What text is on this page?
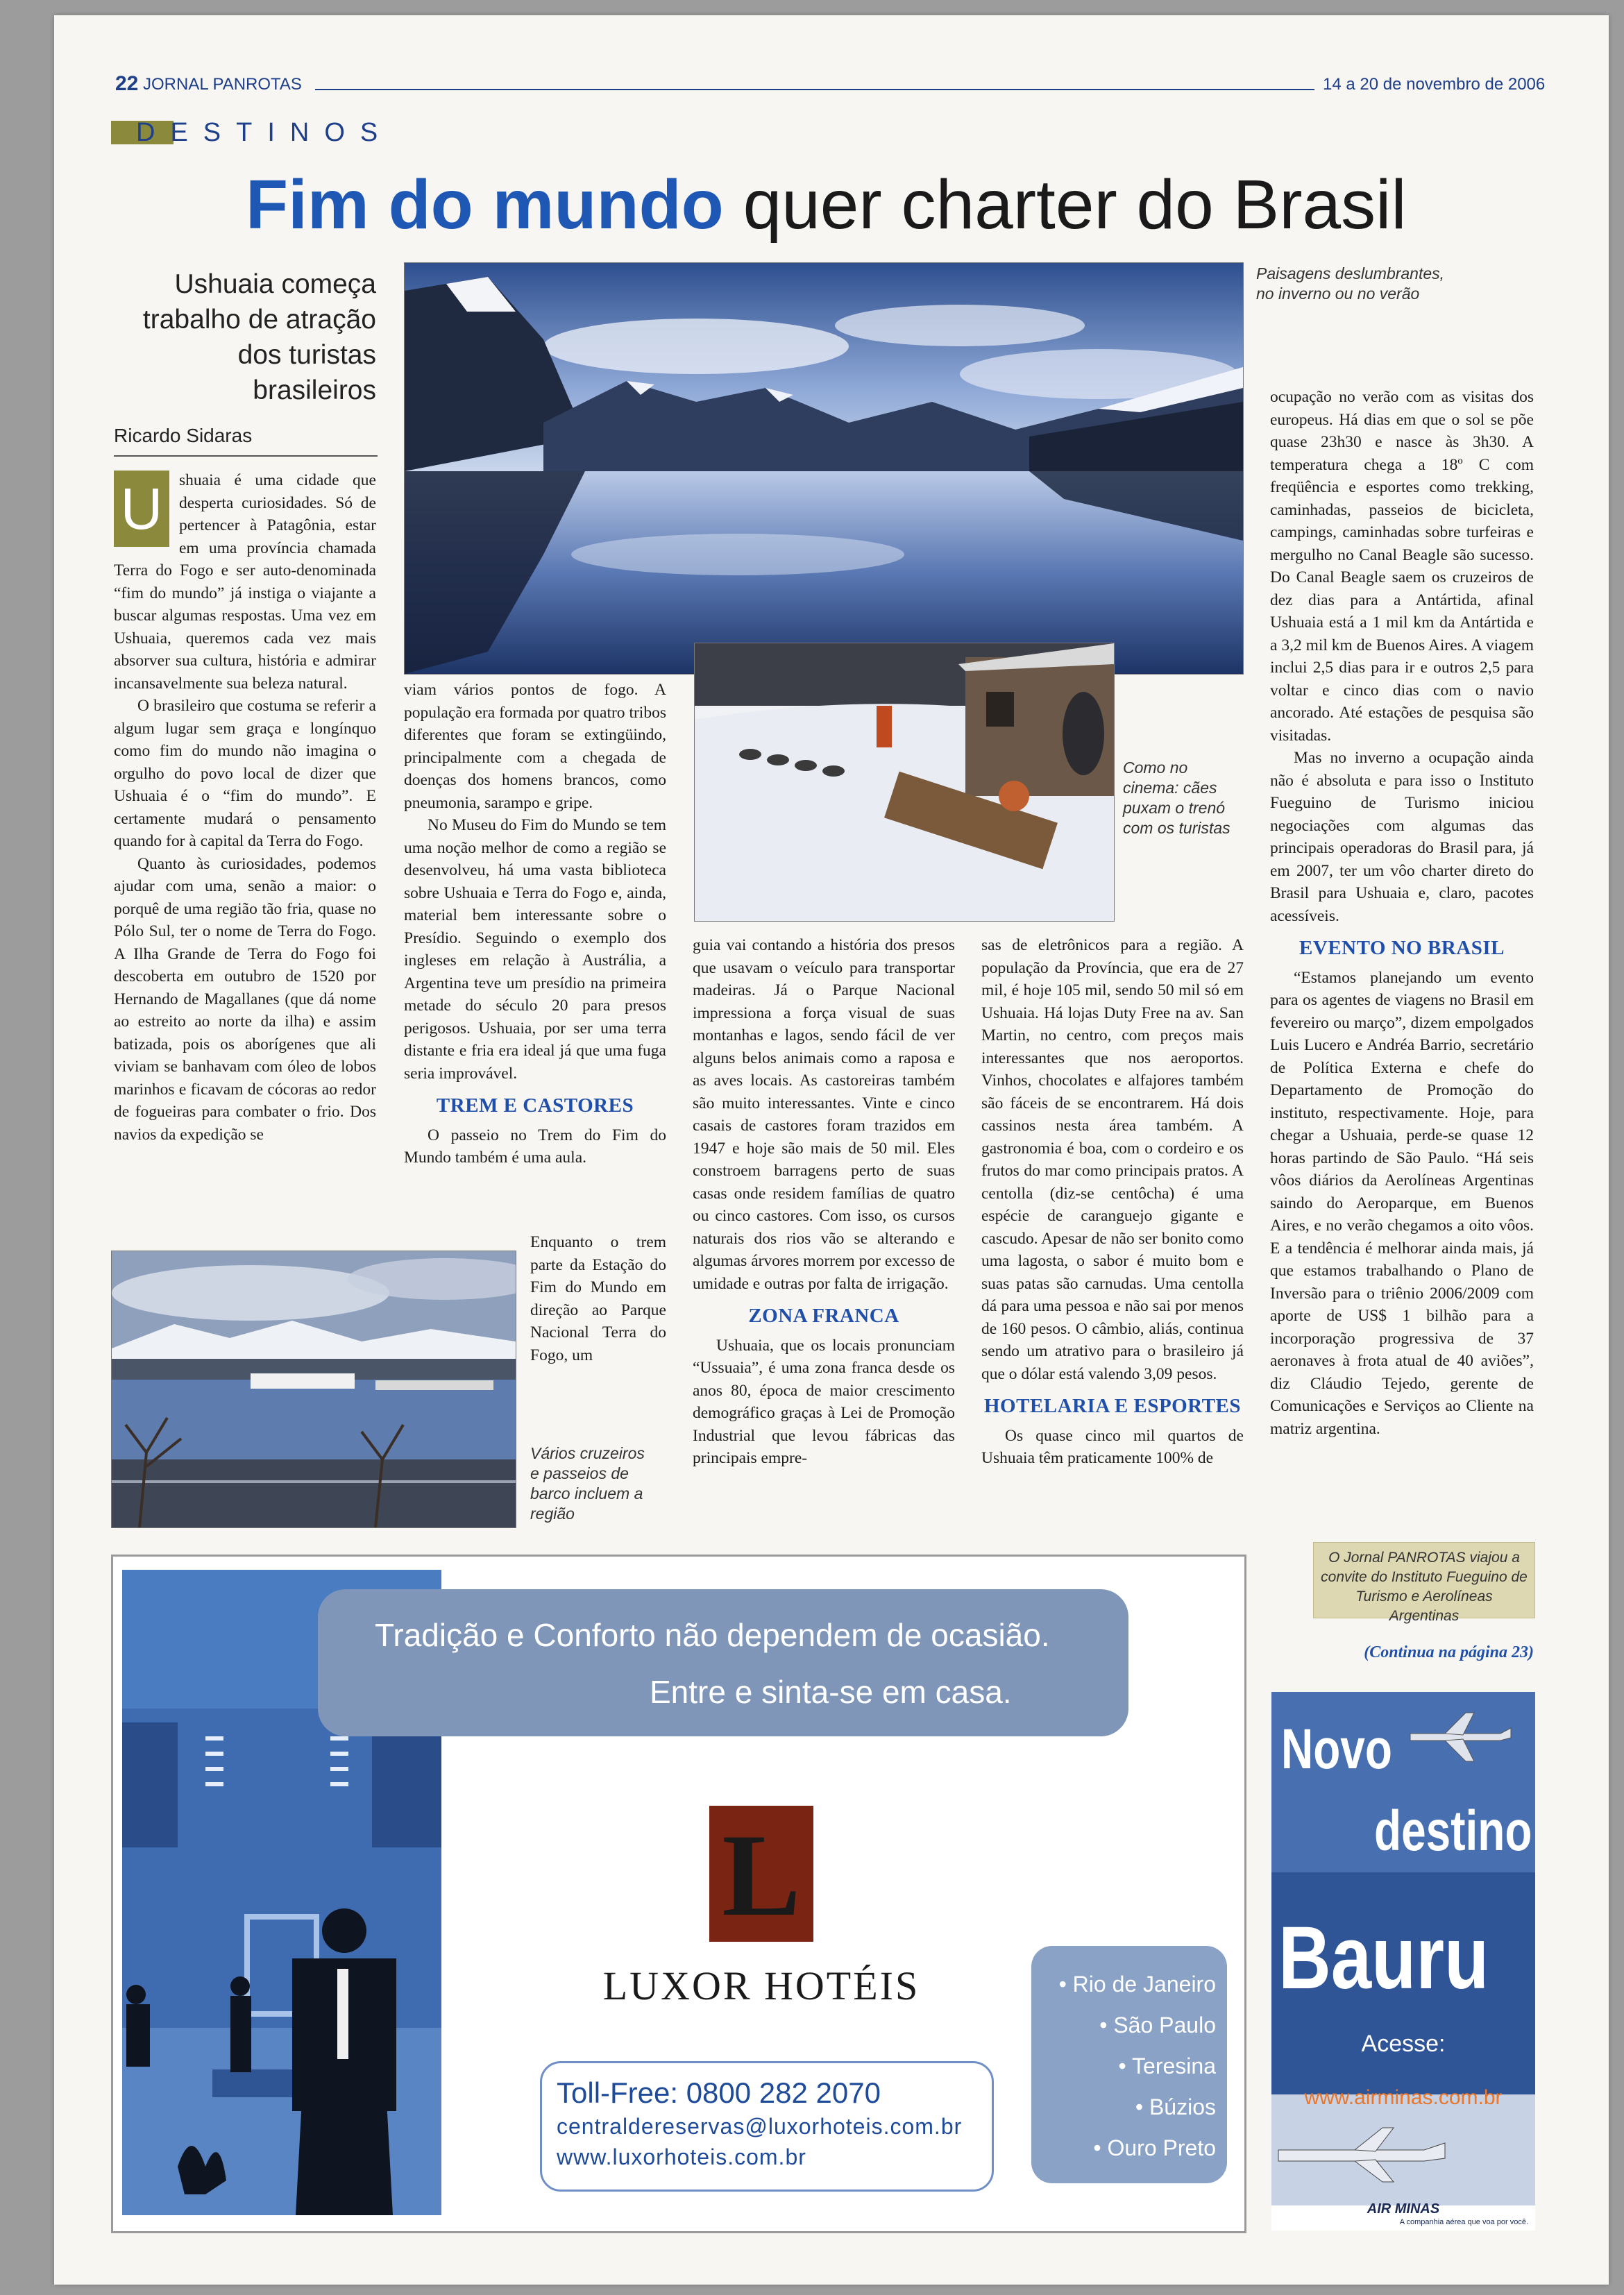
22 JORNAL PANROTAS	14 a 20 de novembro de 2006
DESTINOS
Fim do mundo quer charter do Brasil
Ushuaia começa trabalho de atração dos turistas brasileiros
Ricardo Sidaras
Paisagens deslumbrantes, no inverno ou no verão
Como no cinema: cães puxam o trenó com os turistas
Vários cruzeiros e passeios de barco incluem a região
U	shuaia é uma cidade que desperta curiosidades. Só de pertencer à Patagônia, estar em uma província chamada Terra do Fogo e ser auto-denominada “fim do mundo” já instiga o viajante a buscar algumas respostas. Uma vez em Ushuaia, queremos cada vez mais absorver sua cultura, história e admirar incansavelmente sua beleza natural.

O brasileiro que costuma se referir a algum lugar sem graça e longínquo como fim do mundo não imagina o orgulho do povo local de dizer que Ushuaia é o “fim do mundo”. E certamente mudará o pensamento quando for à capital da Terra do Fogo.

Quanto às curiosidades, podemos ajudar com uma, senão a maior: o porquê de uma região tão fria, quase no Pólo Sul, ter o nome de Terra do Fogo. A Ilha Grande de Terra do Fogo foi descoberta em outubro de 1520 por Hernando de Magallanes (que dá nome ao estreito ao norte da ilha) e assim batizada, pois os aborígenes que ali viviam se banhavam com óleo de lobos marinhos e ficavam de cócoras ao redor de fogueiras para combater o frio. Dos navios da expedição se

viam vários pontos de fogo. A população era formada por quatro tribos diferentes que foram se extingüindo, principalmente com a chegada de doenças dos homens brancos, como pneumonia, sarampo e gripe.

No Museu do Fim do Mundo se tem uma noção melhor de como a região se desenvolveu, há uma vasta biblioteca sobre Ushuaia e Terra do Fogo e, ainda, material bem interessante sobre o Presídio. Seguindo o exemplo dos ingleses em relação à Austrália, a Argentina teve um presídio na primeira metade do século 20 para presos perigosos. Ushuaia, por ser uma terra distante e fria era ideal já que uma fuga seria improvável.

TREM E CASTORES

O passeio no Trem do Fim do Mundo também é uma aula.

Enquanto o trem parte da Estação do Fim do Mundo em direção ao Parque Nacional Terra do Fogo, um

guia vai contando a história dos presos que usavam o veículo para transportar madeiras. Já o Parque Nacional impressiona a força visual de suas montanhas e lagos, sendo fácil de ver alguns belos animais como a raposa e as aves locais. As castoreiras também são muito interessantes. Vinte e cinco casais de castores foram trazidos em 1947 e hoje são mais de 50 mil. Eles constroem barragens perto de suas casas onde residem famílias de quatro ou cinco castores. Com isso, os cursos naturais dos rios vão se alterando e algumas árvores morrem por excesso de umidade e outras por falta de irrigação.

ZONA FRANCA

Ushuaia, que os locais pronunciam “Ussuaia”, é uma zona franca desde os anos 80, época de maior crescimento demográfico graças à Lei de Promoção Industrial que levou fábricas das principais empre-

sas de eletrônicos para a região. A população da Província, que era de 27 mil, é hoje 105 mil, sendo 50 mil só em Ushuaia. Há lojas Duty Free na av. San Martin, no centro, com preços mais interessantes que nos aeroportos. Vinhos, chocolates e alfajores também são fáceis de se encontrarem. Há dois cassinos nesta área também. A gastronomia é boa, com o cordeiro e os frutos do mar como principais pratos. A centolla (diz-se centôcha) é uma espécie de caranguejo gigante e cascudo. Apesar de não ser bonito como uma lagosta, o sabor é muito bom e suas patas são carnudas. Uma centolla dá para uma pessoa e não sai por menos de 160 pesos. O câmbio, aliás, continua sendo um atrativo para o brasileiro já que o dólar está valendo 3,09 pesos.

HOTELARIA E ESPORTES

Os quase cinco mil quartos de Ushuaia têm praticamente 100% de

ocupação no verão com as visitas dos europeus. Há dias em que o sol se põe quase 23h30 e nasce às 3h30. A temperatura chega a 18º C com freqüência e esportes como trekking, caminhadas, passeios de bicicleta, campings, caminhadas sobre turfeiras e mergulho no Canal Beagle são sucesso. Do Canal Beagle saem os cruzeiros de dez dias para a Antártida, afinal Ushuaia está a 1 mil km da Antártida e a 3,2 mil km de Buenos Aires. A viagem inclui 2,5 dias para ir e outros 2,5 para voltar e cinco dias com o navio ancorado. Até estações de pesquisa são visitadas.

Mas no inverno a ocupação ainda não é absoluta e para isso o Instituto Fueguino de Turismo iniciou negociações com algumas das principais operadoras do Brasil para, já em 2007, ter um vôo charter direto do Brasil para Ushuaia e, claro, pacotes acessíveis.

EVENTO NO BRASIL

“Estamos planejando um evento para os agentes de viagens no Brasil em fevereiro ou março”, dizem empolgados Luis Lucero e Andréa Barrio, secretário de Política Externa e chefe do Departamento de Promoção do instituto, respectivamente. Hoje, para chegar a Ushuaia, perde-se quase 12 horas partindo de São Paulo. “Há seis vôos diários da Aerolíneas Argentinas saindo do Aeroparque, em Buenos Aires, e no verão chegamos a oito vôos. E a tendência é melhorar ainda mais, já que estamos trabalhando o Plano de Inversão para o triênio 2006/2009 com aporte de US$ 1 bilhão para a incorporação progressiva de 37 aeronaves à frota atual de 40 aviões”, diz Cláudio Tejedo, gerente de Comunicações e Serviços ao Cliente na matriz argentina.

O Jornal PANROTAS viajou a convite do Instituto Fueguino de Turismo e Aerolíneas Argentinas
(Continua na página 23)
Tradição e Conforto não dependem de ocasião.
Entre e sinta-se em casa.
L
LUXOR HOTÉIS
Toll-Free: 0800 282 2070
centraldereservas@luxorhoteis.com.br
www.luxorhoteis.com.br
• Rio de Janeiro
• São Paulo
• Teresina
• Búzios
• Ouro Preto
Novo
destino
Bauru
Acesse:
www.airminas.com.br
AIR MINAS
A companhia aérea que voa por você.
